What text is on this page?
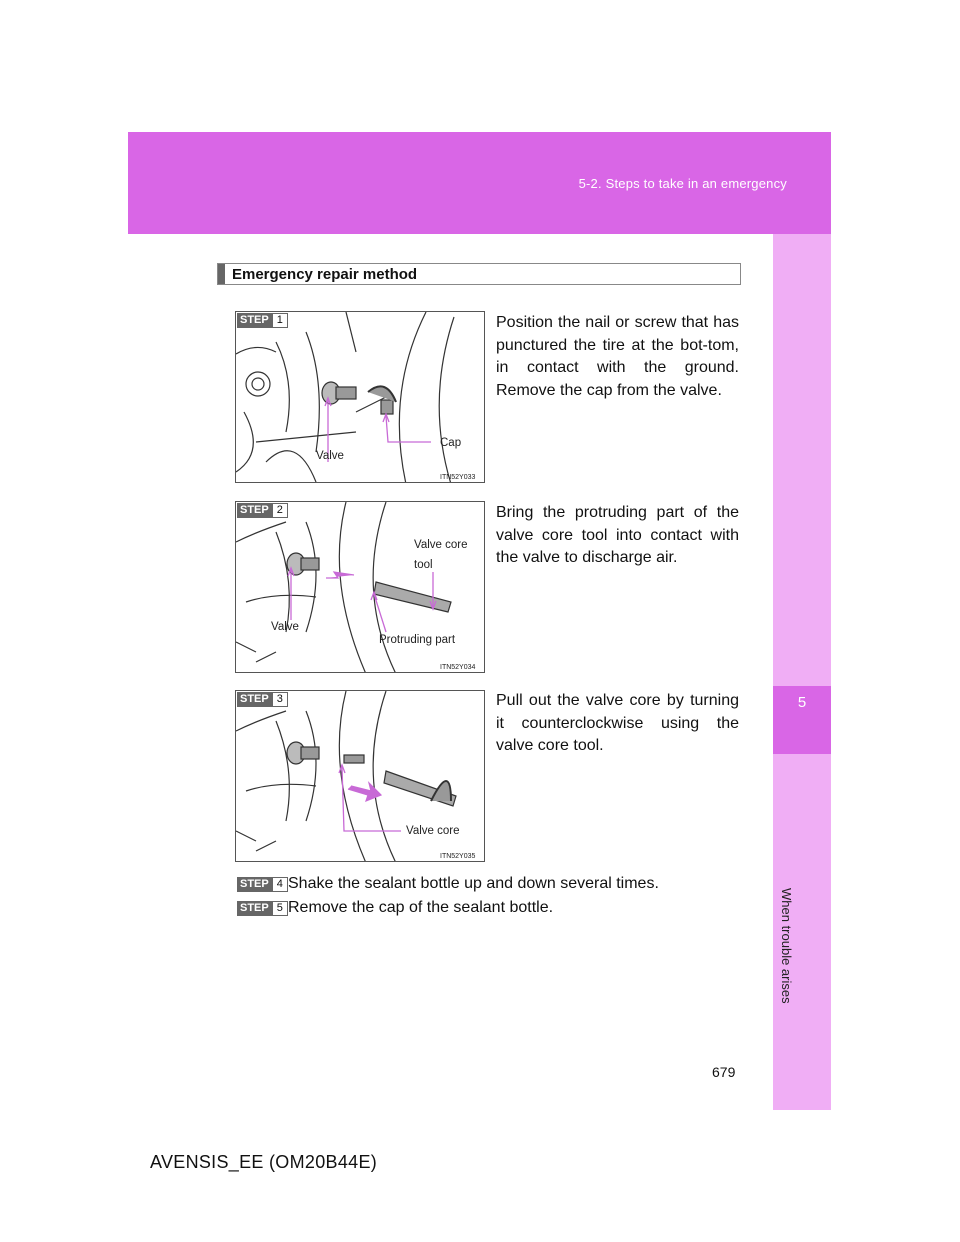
5-2. Steps to take in an emergency
5
When trouble arises
Emergency repair method
Valve
Cap
ITN52Y033
STEP 1	Position the nail or screw that has punctured the tire at the bot-tom, in contact with the ground. Remove the cap from the valve.
Valve core
tool
Valve
Protruding part
ITN52Y034
STEP 2	Bring the protruding part of the valve core tool into contact with the valve to discharge air.
Valve core
ITN52Y035
STEP 3	Pull out the valve core by turning it counterclockwise using the valve core tool.
STEP 4 Shake the sealant bottle up and down several times.
STEP 5 Remove the cap of the sealant bottle.
679
AVENSIS_EE (OM20B44E)
